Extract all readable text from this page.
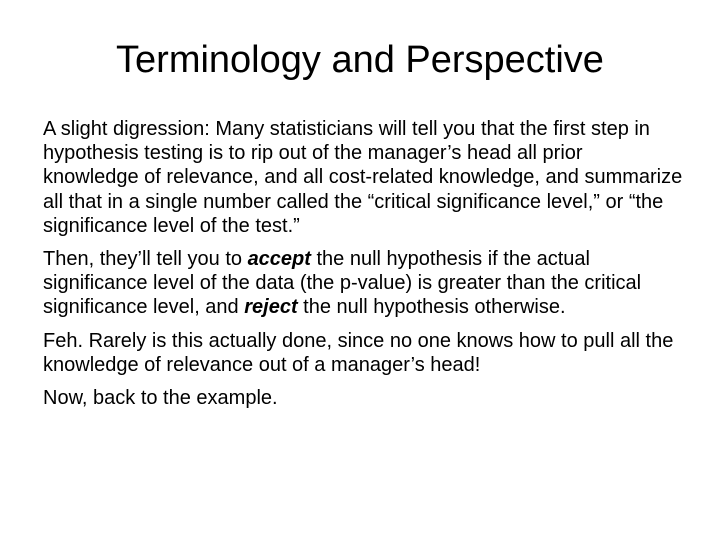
Terminology and Perspective

A slight digression: Many statisticians will tell you that the first step in hypothesis testing is to rip out of the manager’s head all prior knowledge of relevance, and all cost-related knowledge, and summarize all that in a single number called the “critical significance level,” or “the significance level of the test.”

Then, they’ll tell you to accept the null hypothesis if the actual significance level of the data (the p-value) is greater than the critical significance level, and reject the null hypothesis otherwise.

Feh. Rarely is this actually done, since no one knows how to pull all the knowledge of relevance out of a manager’s head!

Now, back to the example.
